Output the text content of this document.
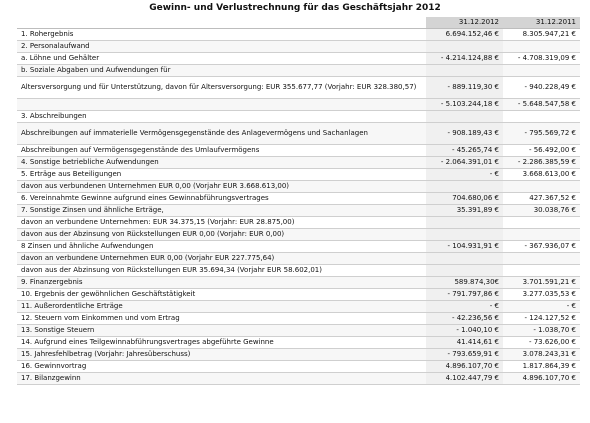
Gewinn- und Verlustrechnung für das Geschäftsjahr 2012
	31.12.2012	31.12.2011
1. Rohergebnis	6.694.152,46 €	8.305.947,21 €
2. Personalaufwand		
a. Löhne und Gehälter	- 4.214.124,88 €	- 4.708.319,09 €
b. Soziale Abgaben und Aufwendungen für		
Altersversorgung und für Unterstützung, davon für Altersversorgung: EUR 355.677,77 (Vorjahr: EUR 328.380,57)	- 889.119,30 €	- 940.228,49 €
	- 5.103.244,18 €	- 5.648.547,58 €
3. Abschreibungen		
Abschreibungen auf immaterielle Vermögensgegenstände des Anlagevermögens und Sachanlagen	- 908.189,43 €	- 795.569,72 €
Abschreibungen auf Vermögensgegenstände des Umlaufvermögens	- 45.265,74 €	- 56.492,00 €
4. Sonstige betriebliche Aufwendungen	- 2.064.391,01 €	- 2.286.385,59 €
5. Erträge aus Beteiligungen	- €	3.668.613,00 €
davon aus verbundenen Unternehmen EUR 0,00 (Vorjahr EUR 3.668.613,00)		
6. Vereinnahmte Gewinne aufgrund eines Gewinnabführungsvertrages	704.680,06 €	427.367,52 €
7. Sonstige Zinsen und ähnliche Erträge,	35.391,89 €	30.038,76 €
davon an verbundene Unternehmen: EUR 34.375,15 (Vorjahr: EUR 28.875,00)		
davon aus der Abzinsung von Rückstellungen EUR 0,00 (Vorjahr: EUR 0,00)		
8 Zinsen und ähnliche Aufwendungen	- 104.931,91 €	- 367.936,07 €
davon an verbundene Unternehmen EUR 0,00 (Vorjahr EUR 227.775,64)		
davon aus der Abzinsung von Rückstellungen EUR 35.694,34 (Vorjahr EUR 58.602,01)		
9. Finanzergebnis	589.874,30€	3.701.591,21 €
10. Ergebnis der gewöhnlichen Geschäftstätigkeit	- 791.797,86 €	3.277.035,53 €
11. Außerordentliche Erträge	- €	- €
12. Steuern vom Einkommen und vom Ertrag	- 42.236,56 €	- 124.127,52 €
13. Sonstige Steuern	- 1.040,10 €	- 1.038,70 €
14. Aufgrund eines Teilgewinnabführungsvertrages abgeführte Gewinne	41.414,61 €	- 73.626,00 €
15. Jahresfehlbetrag (Vorjahr: Jahresüberschuss)	- 793.659,91 €	3.078.243,31 €
16. Gewinnvortrag	4.896.107,70 €	1.817.864,39 €
17. Bilanzgewinn	4.102.447,79 €	4.896.107,70 €
